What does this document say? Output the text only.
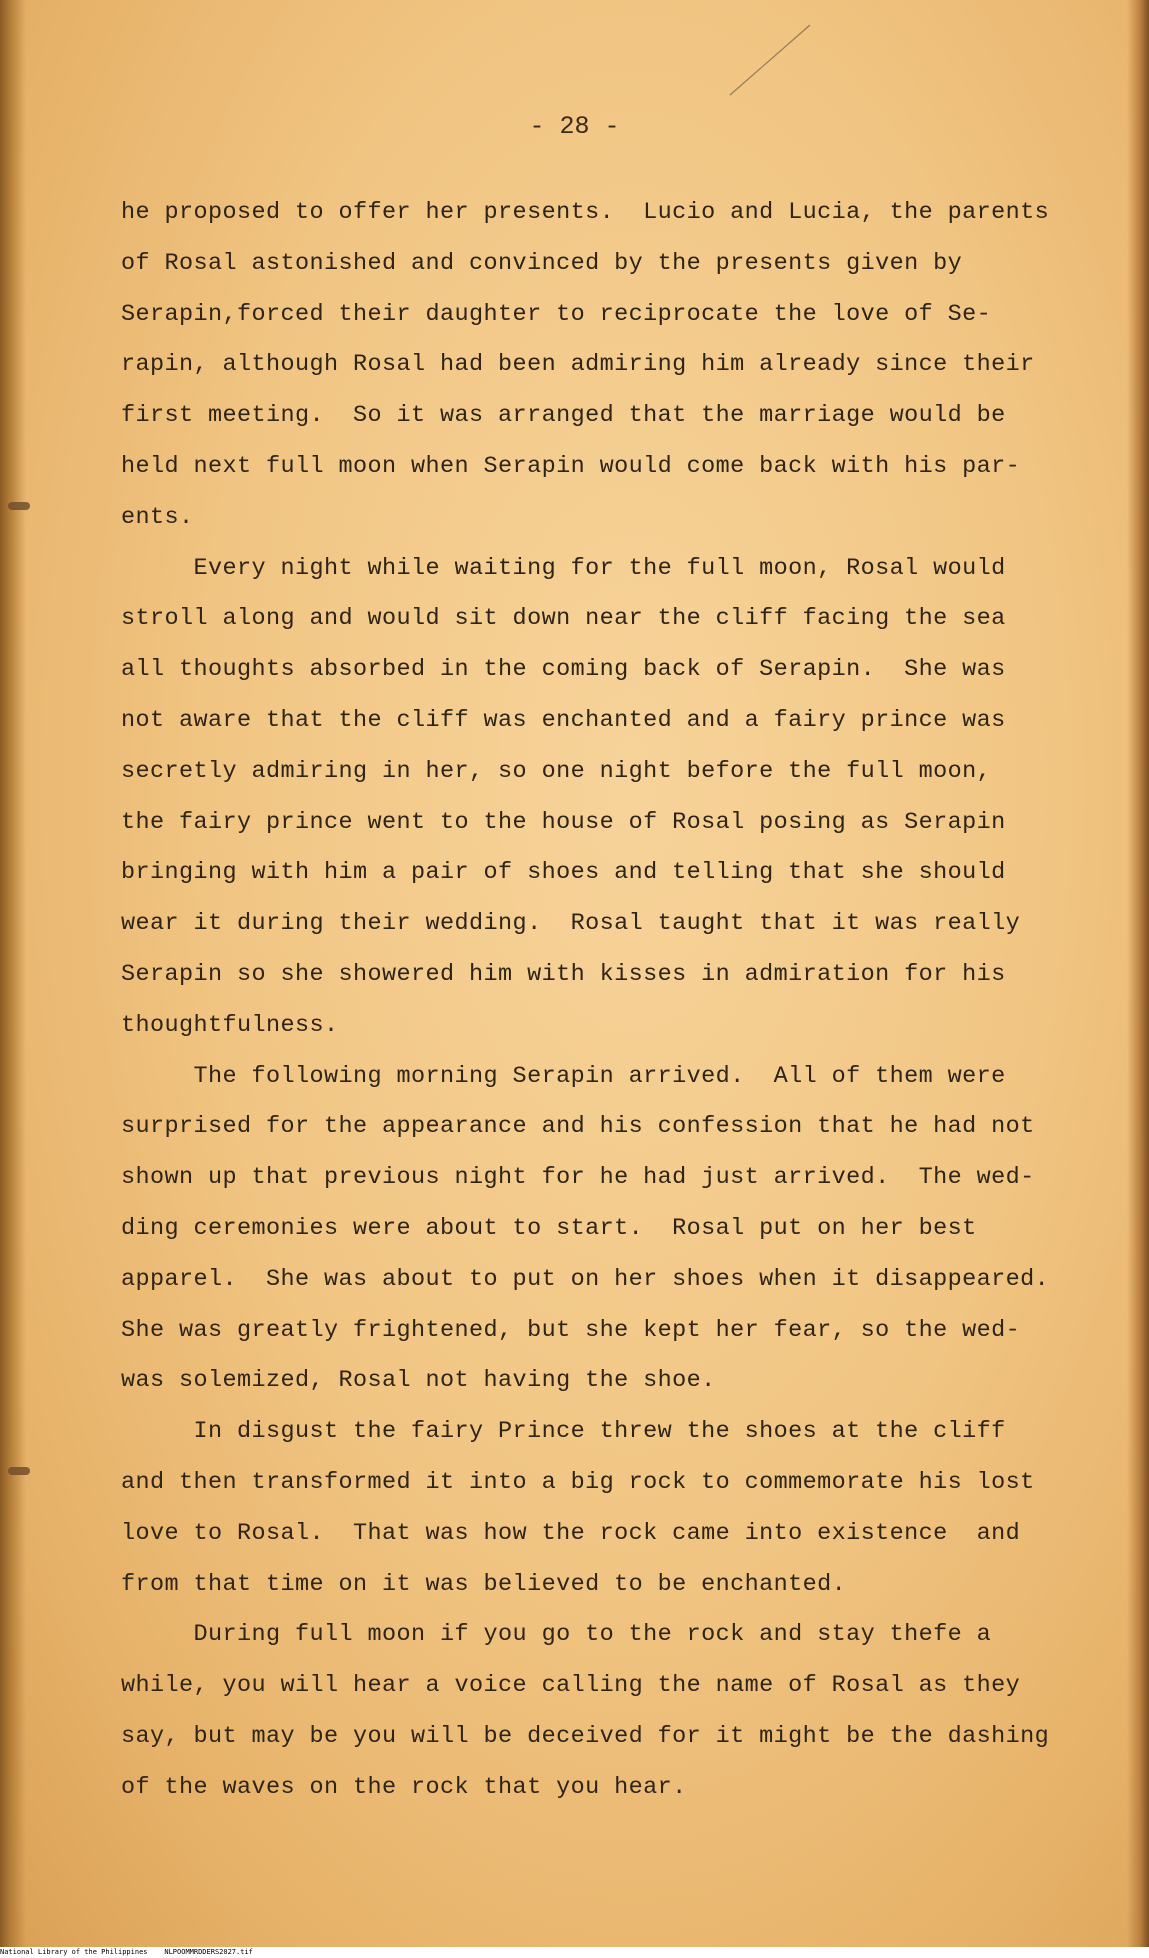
- 28 -
he proposed to offer her presents.  Lucio and Lucia, the parents
of Rosal astonished and convinced by the presents given by
Serapin,forced their daughter to reciprocate the love of Se-
rapin, although Rosal had been admiring him already since their
first meeting.  So it was arranged that the marriage would be
held next full moon when Serapin would come back with his par-
ents.
Every night while waiting for the full moon, Rosal would
stroll along and would sit down near the cliff facing the sea
all thoughts absorbed in the coming back of Serapin.  She was
not aware that the cliff was enchanted and a fairy prince was
secretly admiring in her, so one night before the full moon,
the fairy prince went to the house of Rosal posing as Serapin
bringing with him a pair of shoes and telling that she should
wear it during their wedding.  Rosal taught that it was really
Serapin so she showered him with kisses in admiration for his
thoughtfulness.
The following morning Serapin arrived.  All of them were
surprised for the appearance and his confession that he had not
shown up that previous night for he had just arrived.  The wed-
ding ceremonies were about to start.  Rosal put on her best
apparel.  She was about to put on her shoes when it disappeared.
She was greatly frightened, but she kept her fear, so the wed-
was solemized, Rosal not having the shoe.
In disgust the fairy Prince threw the shoes at the cliff
and then transformed it into a big rock to commemorate his lost
love to Rosal.  That was how the rock came into existence  and
from that time on it was believed to be enchanted.
During full moon if you go to the rock and stay thefe a
while, you will hear a voice calling the name of Rosal as they
say, but may be you will be deceived for it might be the dashing
of the waves on the rock that you hear.
National Library of the Philippines NLPOOMMRDDERS2027.tif
